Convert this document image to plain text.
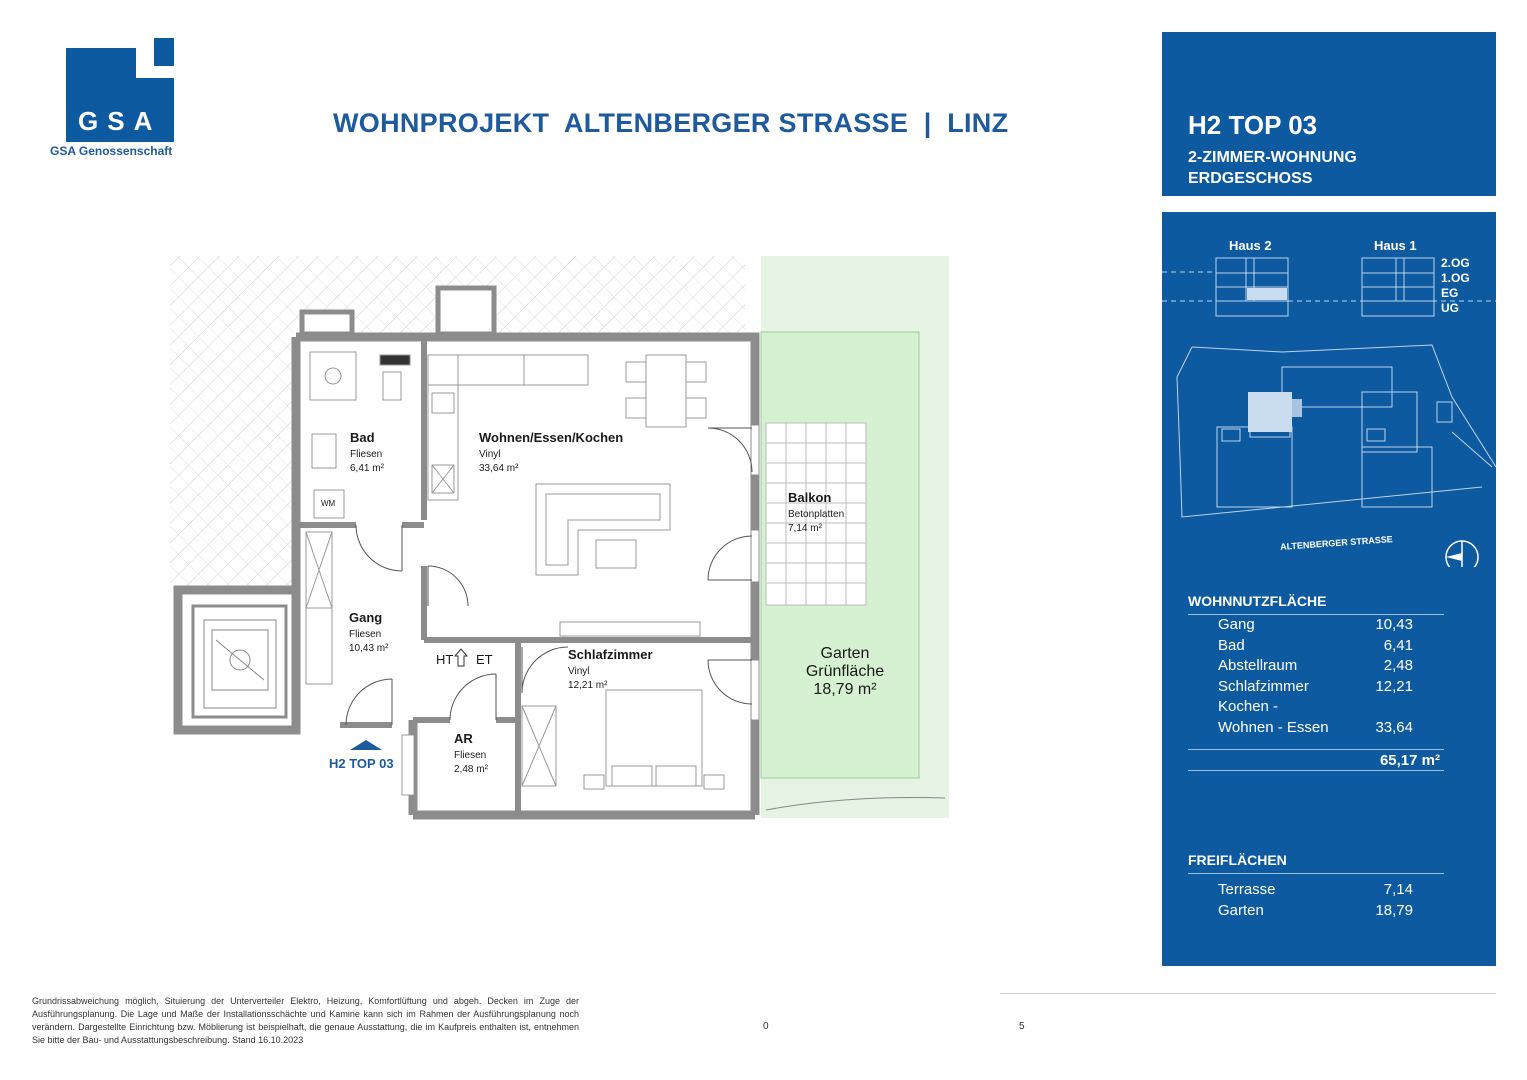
GSA
GSA Genossenschaft
WOHNPROJEKT  ALTENBERGER STRASSE  |  LINZ	H2 TOP 03
2-ZIMMER-WOHNUNG
ERDGESCHOSS
Haus 2	Haus 1
2.OG
1.OG
EG
UG
ALTENBERGER STRASSE
WOHNNUTZFLÄCHE
Gang	10,43
Bad	6,41
Abstellraum	2,48
Schlafzimmer	12,21
Kochen -
Wohnen - Essen	33,64
65,17 m²
FREIFLÄCHEN
Terrasse	7,14
Garten	18,79
Bad
Fliesen
6,41 m²
Wohnen/Essen/Kochen
Vinyl
33,64 m²
Balkon
Betonplatten
7,14 m²
Gang
Fliesen
10,43 m²	Schlafzimmer
Vinyl
12,21 m²
AR
Fliesen
2,48 m²
Garten
Grünfläche
18,79 m²
WM
HT ET
H2 TOP 03
Grundrissabweichung möglich, Situierung der Unterverteiler Elektro, Heizung, Komfortlüftung und abgeh. Decken im Zuge der Ausführungsplanung. Die Lage und Maße der Installationsschächte und Kamine kann sich im Rahmen der Ausführungsplanung noch verändern. Dargestellte Einrichtung bzw. Möblierung ist beispielhaft, die genaue Ausstattung, die im Kaufpreis enthalten ist, entnehmen Sie bitte der Bau- und Ausstattungsbeschreibung. Stand 16.10.2023
0	5
